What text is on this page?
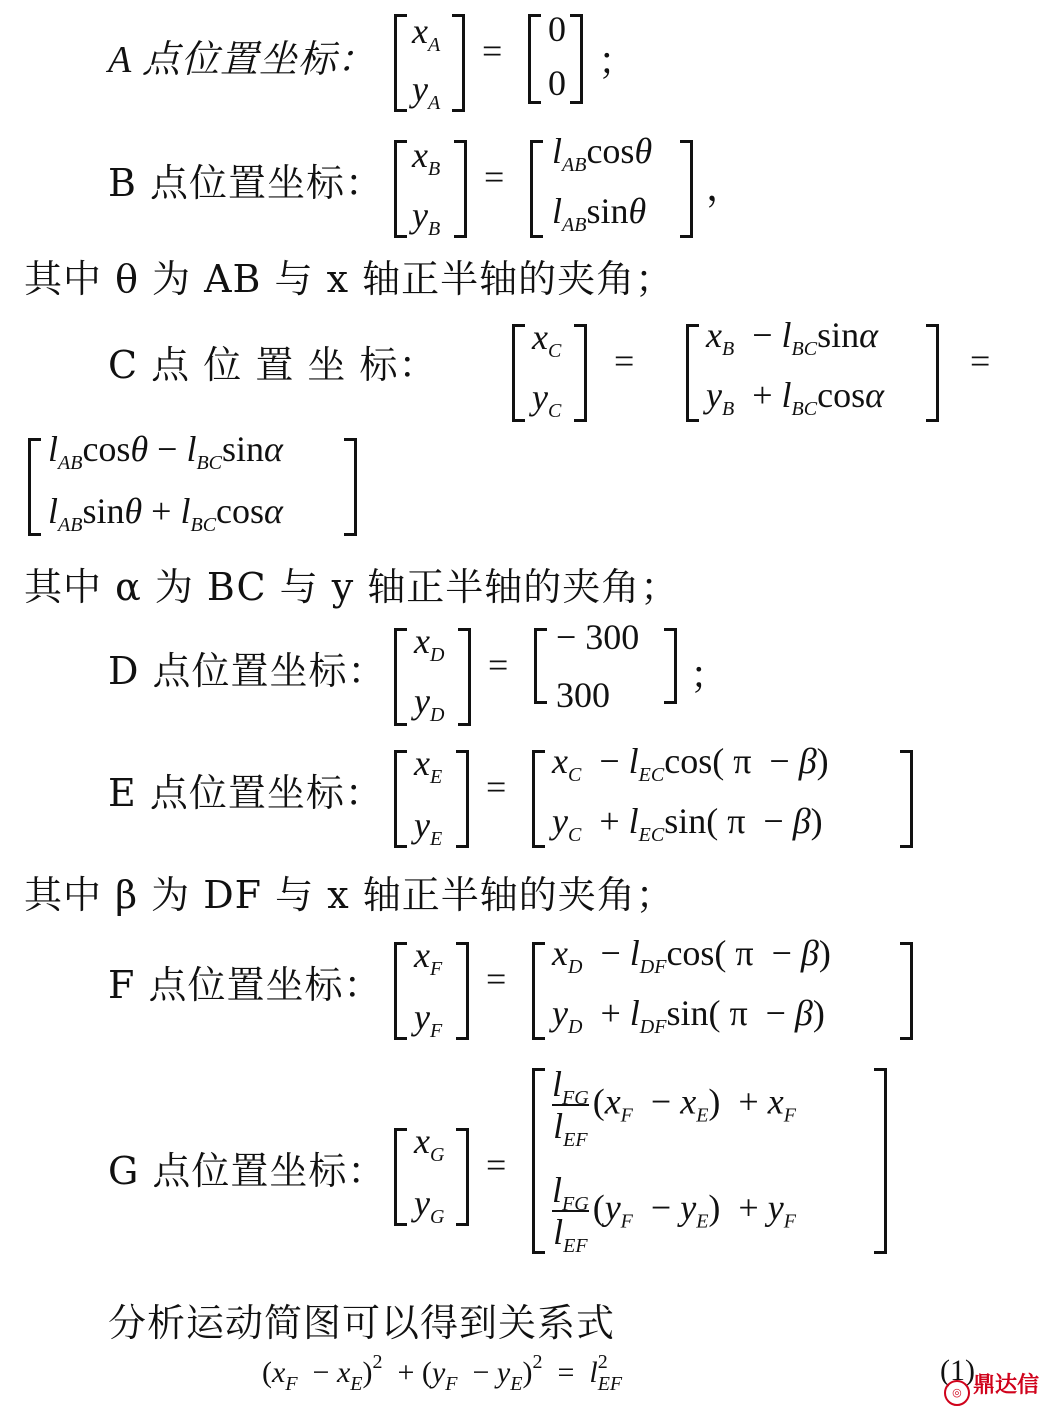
A 点位置坐标：
$x_A$
$y_A$
=
0
0 ；
B 点位置坐标：
$x_B$
$y_B$
=
$l_{AB}\cos\theta$
$l_{AB}\sin\theta$
，
其中 θ 为 AB 与 x 轴正半轴的夹角；
C 点 位 置 坐 标：
$x_C$
$y_C$
=
$x_B - l_{BC}\sin\alpha$
$y_B + l_{BC}\cos\alpha$
=
$l_{AB}\cos\theta - l_{BC}\sin\alpha$
$l_{AB}\sin\theta + l_{BC}\cos\alpha$
其中 α 为 BC 与 y 轴正半轴的夹角；
D 点位置坐标：
$x_D$
$y_D$
=
− 300
300 ；
E 点位置坐标：
$x_E$
$y_E$
=
$x_C - l_{EC}\cos$( π  − β)
$y_C + l_{EC}\sin$( π  − β)
其中 β 为 DF 与 x 轴正半轴的夹角；
F 点位置坐标：
$x_F$
$y_F$
=
$x_D - l_{DF}\cos$( π  − β)
$y_D + l_{DF}\sin$( π  − β)
G 点位置坐标：
$x_G$
$y_G$
=
$\frac{l_{FG}}{l_{EF}} (x_F - x_E) + x_F$
$\frac{l_{FG}}{l_{EF}} (y_F - y_E) + y_F$
分析运动简图可以得到关系式
$(x_F - x_E)^2 + (y_F - y_E)^2 = l^2_{EF}$	(1)
◎ 鼎达信
